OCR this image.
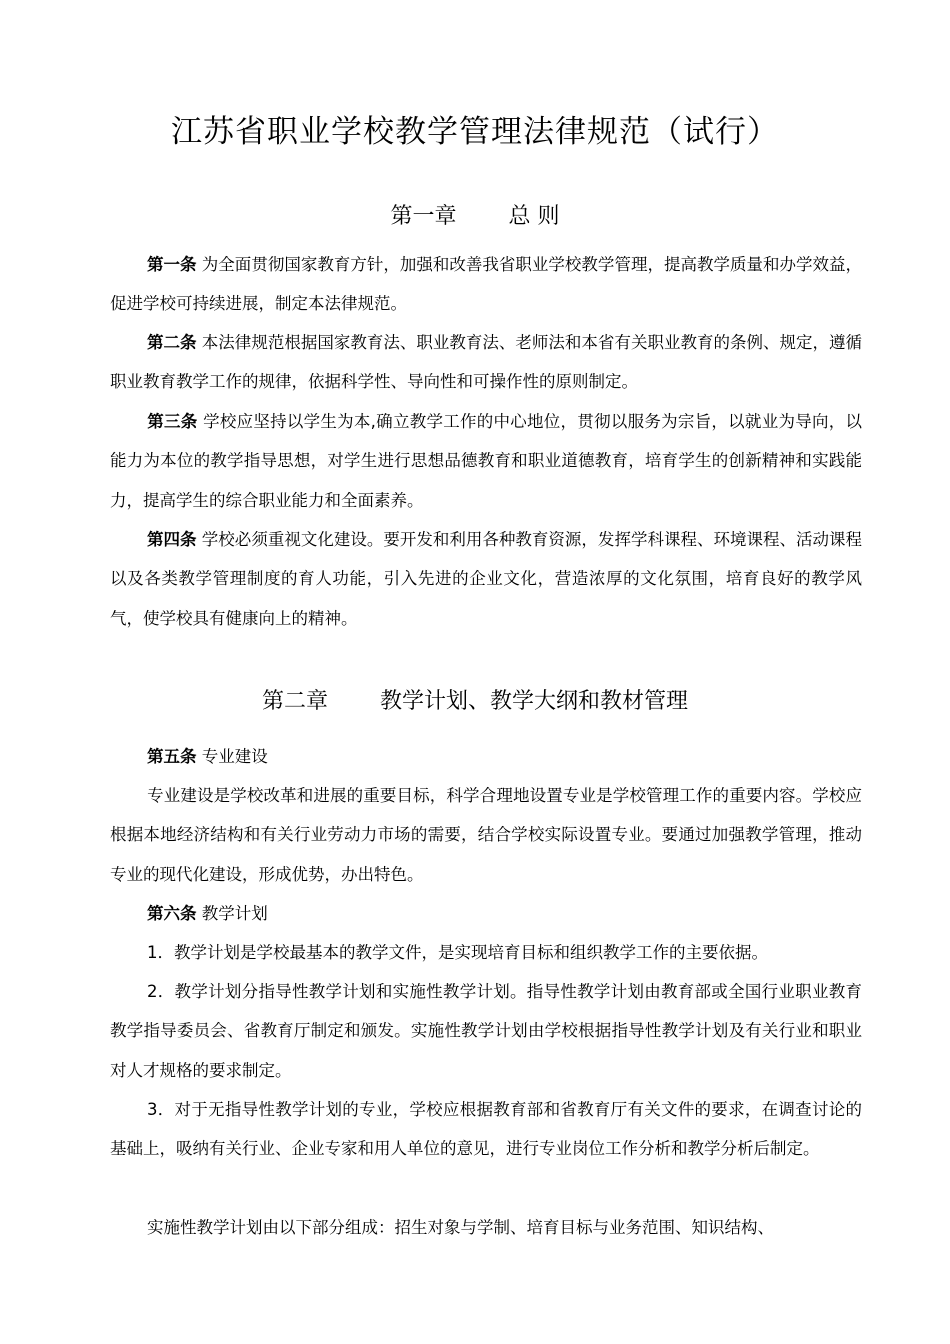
江苏省职业学校教学管理法律规范（试行）
第一章 总 则
第一条 为全面贯彻国家教育方针，加强和改善我省职业学校教学管理，提高教学质量和办学效益，促进学校可持续进展，制定本法律规范。
第二条 本法律规范根据国家教育法、职业教育法、老师法和本省有关职业教育的条例、规定，遵循职业教育教学工作的规律，依据科学性、导向性和可操作性的原则制定。
第三条 学校应坚持以学生为本,确立教学工作的中心地位，贯彻以服务为宗旨，以就业为导向，以能力为本位的教学指导思想，对学生进行思想品德教育和职业道德教育，培育学生的创新精神和实践能力，提高学生的综合职业能力和全面素养。
第四条 学校必须重视文化建设。要开发和利用各种教育资源，发挥学科课程、环境课程、活动课程以及各类教学管理制度的育人功能，引入先进的企业文化，营造浓厚的文化氛围，培育良好的教学风气，使学校具有健康向上的精神。
第二章 教学计划、教学大纲和教材管理
第五条 专业建设
专业建设是学校改革和进展的重要目标，科学合理地设置专业是学校管理工作的重要内容。学校应根据本地经济结构和有关行业劳动力市场的需要，结合学校实际设置专业。要通过加强教学管理，推动专业的现代化建设，形成优势，办出特色。
第六条 教学计划
1．教学计划是学校最基本的教学文件，是实现培育目标和组织教学工作的主要依据。
2．教学计划分指导性教学计划和实施性教学计划。指导性教学计划由教育部或全国行业职业教育教学指导委员会、省教育厅制定和颁发。实施性教学计划由学校根据指导性教学计划及有关行业和职业对人才规格的要求制定。
3．对于无指导性教学计划的专业，学校应根据教育部和省教育厅有关文件的要求，在调查讨论的基础上，吸纳有关行业、企业专家和用人单位的意见，进行专业岗位工作分析和教学分析后制定。
实施性教学计划由以下部分组成：招生对象与学制、培育目标与业务范围、知识结构、
